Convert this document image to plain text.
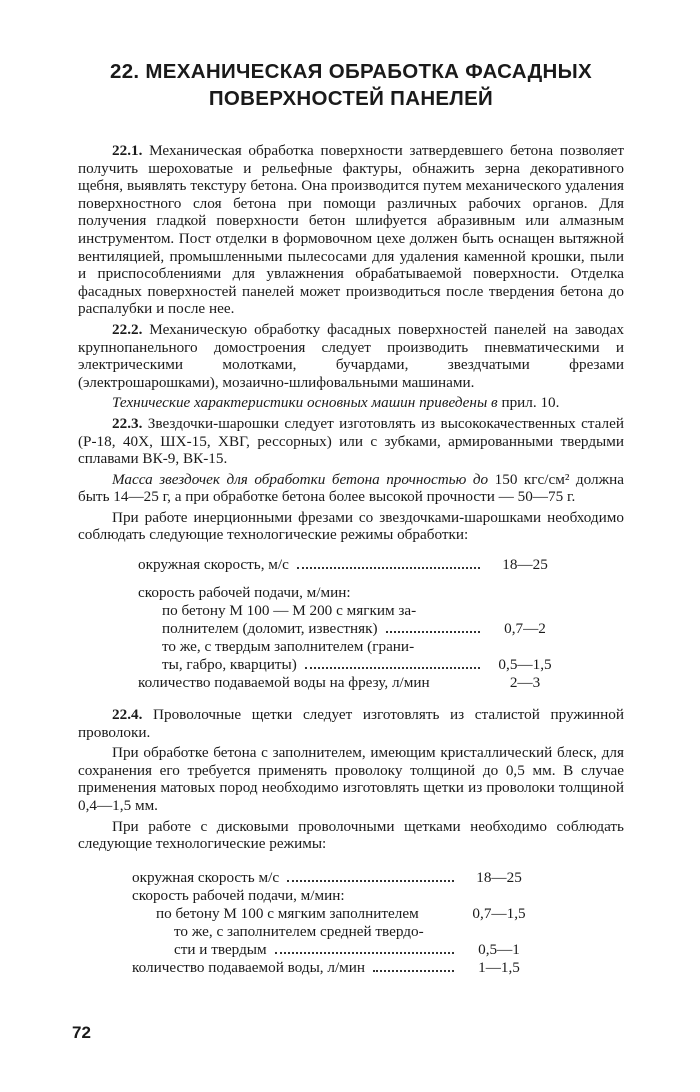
22. МЕХАНИЧЕСКАЯ ОБРАБОТКА ФАСАДНЫХ
ПОВЕРХНОСТЕЙ ПАНЕЛЕЙ

22.1. Механическая обработка поверхности затвердевшего бетона позволяет получить шероховатые и рельефные фактуры, обнажить зерна декоративного щебня, выявлять текстуру бетона. Она производится путем механического удаления поверхностного слоя бетона при помощи различных рабочих органов. Для получения гладкой поверхности бетон шлифуется абразивным или алмазным инструментом. Пост отделки в формовочном цехе должен быть оснащен вытяжной вентиляцией, промышленными пылесосами для удаления каменной крошки, пыли и приспособлениями для увлажнения обрабатываемой поверхности. Отделка фасадных поверхностей панелей может производиться после твердения бетона до распалубки и после нее.

22.2. Механическую обработку фасадных поверхностей панелей на заводах крупнопанельного домостроения следует производить пневматическими и электрическими молотками, бучардами, звездчатыми фрезами (электрошарошками), мозаично-шлифовальными машинами.

Технические характеристики основных машин приведены в прил. 10.

22.3. Звездочки-шарошки следует изготовлять из высококачественных сталей (Р-18, 40Х, ШХ-15, ХВГ, рессорных) или с зубками, армированными твердыми сплавами ВК-9, ВК-15.

Масса звездочек для обработки бетона прочностью до 150 кгс/см² должна быть 14—25 г, а при обработке бетона более высокой прочности — 50—75 г.

При работе инерционными фрезами со звездочками-шарошками необходимо соблюдать следующие технологические режимы обработки:

окружная скорость, м/с	18—25
скорость рабочей подачи, м/мин:
по бетону М 100 — М 200 с мягким за-
полнителем (доломит, известняк)	0,7—2
то же, с твердым заполнителем (грани-
ты, габро, кварциты)	0,5—1,5
количество подаваемой воды на фрезу, л/мин	2—3

22.4. Проволочные щетки следует изготовлять из сталистой пружинной проволоки.

При обработке бетона с заполнителем, имеющим кристаллический блеск, для сохранения его требуется применять проволоку толщиной до 0,5 мм. В случае применения матовых пород необходимо изготовлять щетки из проволоки толщиной 0,4—1,5 мм.

При работе с дисковыми проволочными щетками необходимо соблюдать следующие технологические режимы:

окружная скорость м/с	18—25
скорость рабочей подачи, м/мин:
по бетону М 100 с мягким заполнителем	0,7—1,5
то же, с заполнителем средней твердо-
сти и твердым	0,5—1
количество подаваемой воды, л/мин	1—1,5
72
